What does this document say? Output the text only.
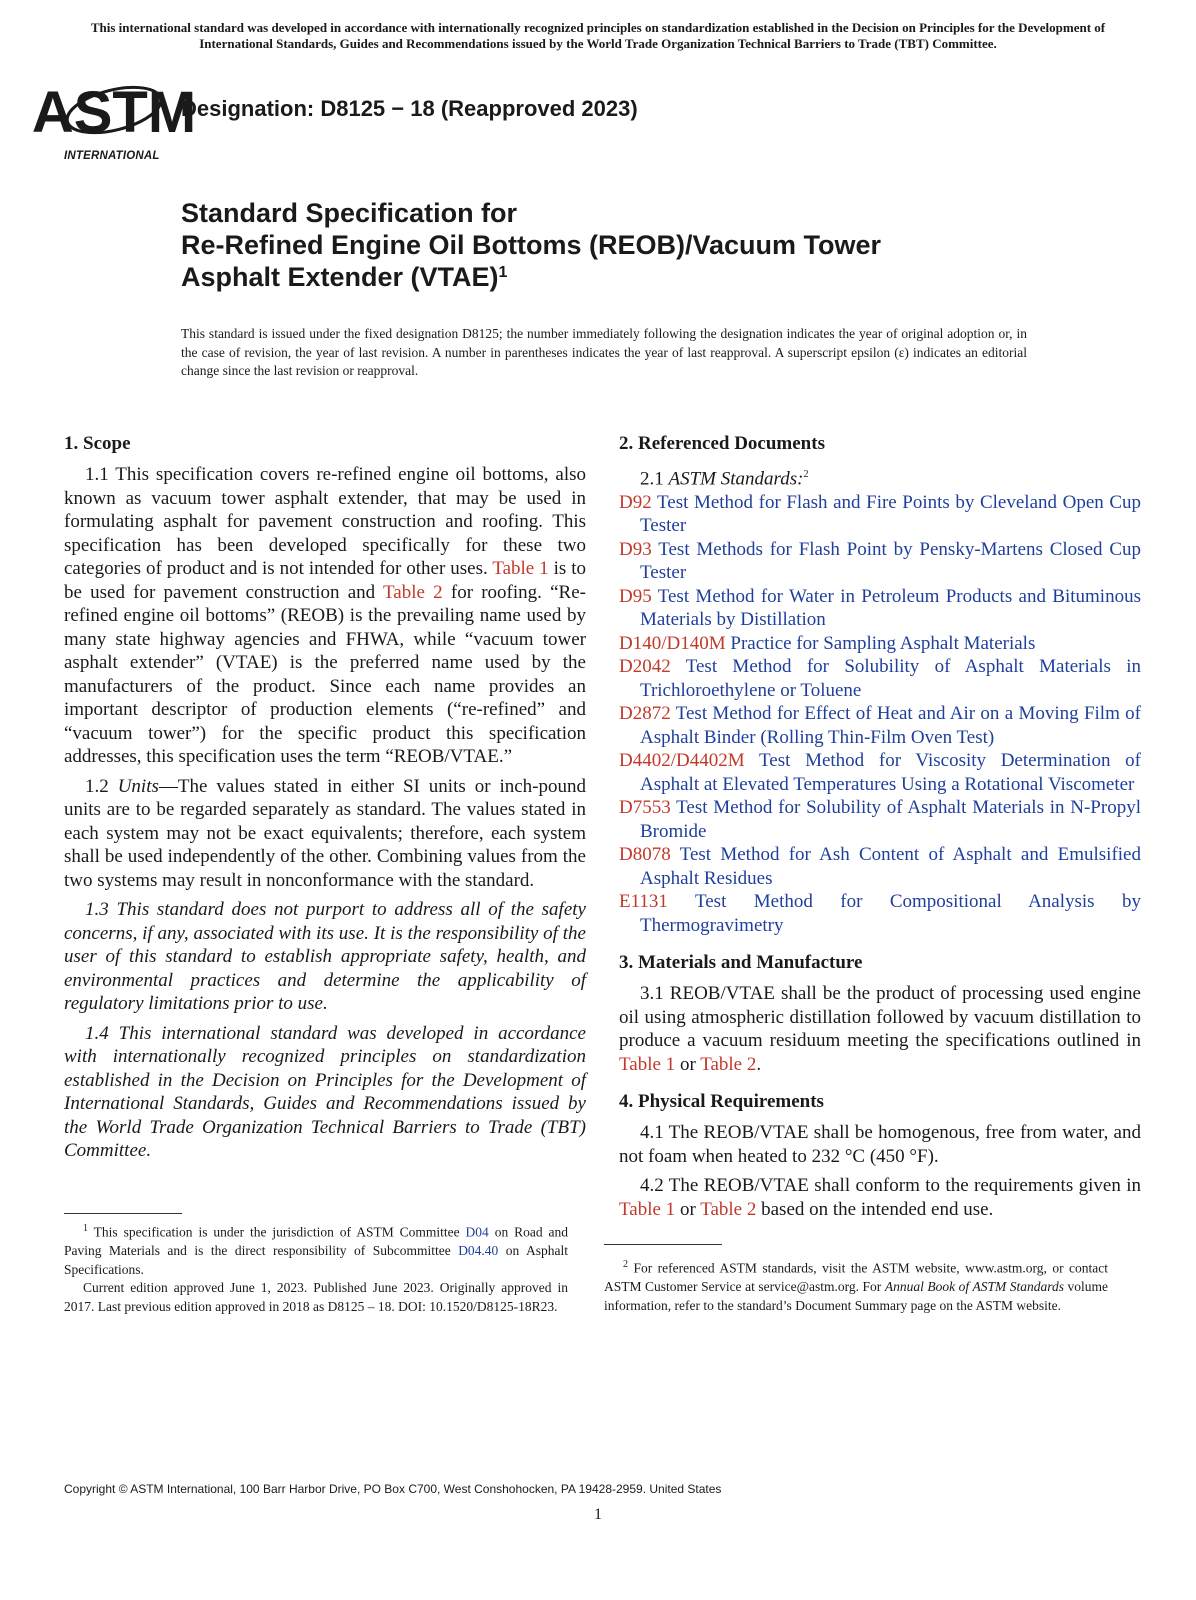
This international standard was developed in accordance with internationally recognized principles on standardization established in the Decision on Principles for the Development of International Standards, Guides and Recommendations issued by the World Trade Organization Technical Barriers to Trade (TBT) Committee.
ASTM
INTERNATIONAL
Designation: D8125 − 18 (Reapproved 2023)
Standard Specification for
Re-Refined Engine Oil Bottoms (REOB)/Vacuum Tower
Asphalt Extender (VTAE)$^1$
This standard is issued under the fixed designation D8125; the number immediately following the designation indicates the year of original adoption or, in the case of revision, the year of last revision. A number in parentheses indicates the year of last reapproval. A superscript epsilon (ε) indicates an editorial change since the last revision or reapproval.
1. Scope

1.1 This specification covers re-refined engine oil bottoms, also known as vacuum tower asphalt extender, that may be used in formulating asphalt for pavement construction and roofing. This specification has been developed specifically for these two categories of product and is not intended for other uses. Table 1 is to be used for pavement construction and Table 2 for roofing. “Re-refined engine oil bottoms” (REOB) is the prevailing name used by many state highway agencies and FHWA, while “vacuum tower asphalt extender” (VTAE) is the preferred name used by the manufacturers of the product. Since each name provides an important descriptor of production elements (“re-refined” and “vacuum tower”) for the specific product this specification addresses, this specification uses the term “REOB/VTAE.”

1.2 Units—The values stated in either SI units or inch-pound units are to be regarded separately as standard. The values stated in each system may not be exact equivalents; therefore, each system shall be used independently of the other. Combining values from the two systems may result in nonconformance with the standard.

1.3 This standard does not purport to address all of the safety concerns, if any, associated with its use. It is the responsibility of the user of this standard to establish appropriate safety, health, and environmental practices and determine the applicability of regulatory limitations prior to use.

1.4 This international standard was developed in accordance with internationally recognized principles on standardization established in the Decision on Principles for the Development of International Standards, Guides and Recommendations issued by the World Trade Organization Technical Barriers to Trade (TBT) Committee.

2. Referenced Documents
2.1 ASTM Standards:$^2$
D92 Test Method for Flash and Fire Points by Cleveland Open Cup Tester
D93 Test Methods for Flash Point by Pensky-Martens Closed Cup Tester
D95 Test Method for Water in Petroleum Products and Bituminous Materials by Distillation
D140/D140M Practice for Sampling Asphalt Materials
D2042 Test Method for Solubility of Asphalt Materials in Trichloroethylene or Toluene
D2872 Test Method for Effect of Heat and Air on a Moving Film of Asphalt Binder (Rolling Thin-Film Oven Test)
D4402/D4402M Test Method for Viscosity Determination of Asphalt at Elevated Temperatures Using a Rotational Viscometer
D7553 Test Method for Solubility of Asphalt Materials in N-Propyl Bromide
D8078 Test Method for Ash Content of Asphalt and Emulsified Asphalt Residues
E1131 Test Method for Compositional Analysis by Thermogravimetry
3. Materials and Manufacture

3.1 REOB/VTAE shall be the product of processing used engine oil using atmospheric distillation followed by vacuum distillation to produce a vacuum residuum meeting the specifications outlined in Table 1 or Table 2.

4. Physical Requirements

4.1 The REOB/VTAE shall be homogenous, free from water, and not foam when heated to 232 °C (450 °F).

4.2 The REOB/VTAE shall conform to the requirements given in Table 1 or Table 2 based on the intended end use.

$^1$ This specification is under the jurisdiction of ASTM Committee D04 on Road and Paving Materials and is the direct responsibility of Subcommittee D04.40 on Asphalt Specifications.

Current edition approved June 1, 2023. Published June 2023. Originally approved in 2017. Last previous edition approved in 2018 as D8125 – 18. DOI: 10.1520/D8125-18R23.

$^2$ For referenced ASTM standards, visit the ASTM website, www.astm.org, or contact ASTM Customer Service at service@astm.org. For Annual Book of ASTM Standards volume information, refer to the standard’s Document Summary page on the ASTM website.

Copyright © ASTM International, 100 Barr Harbor Drive, PO Box C700, West Conshohocken, PA 19428-2959. United States
1
